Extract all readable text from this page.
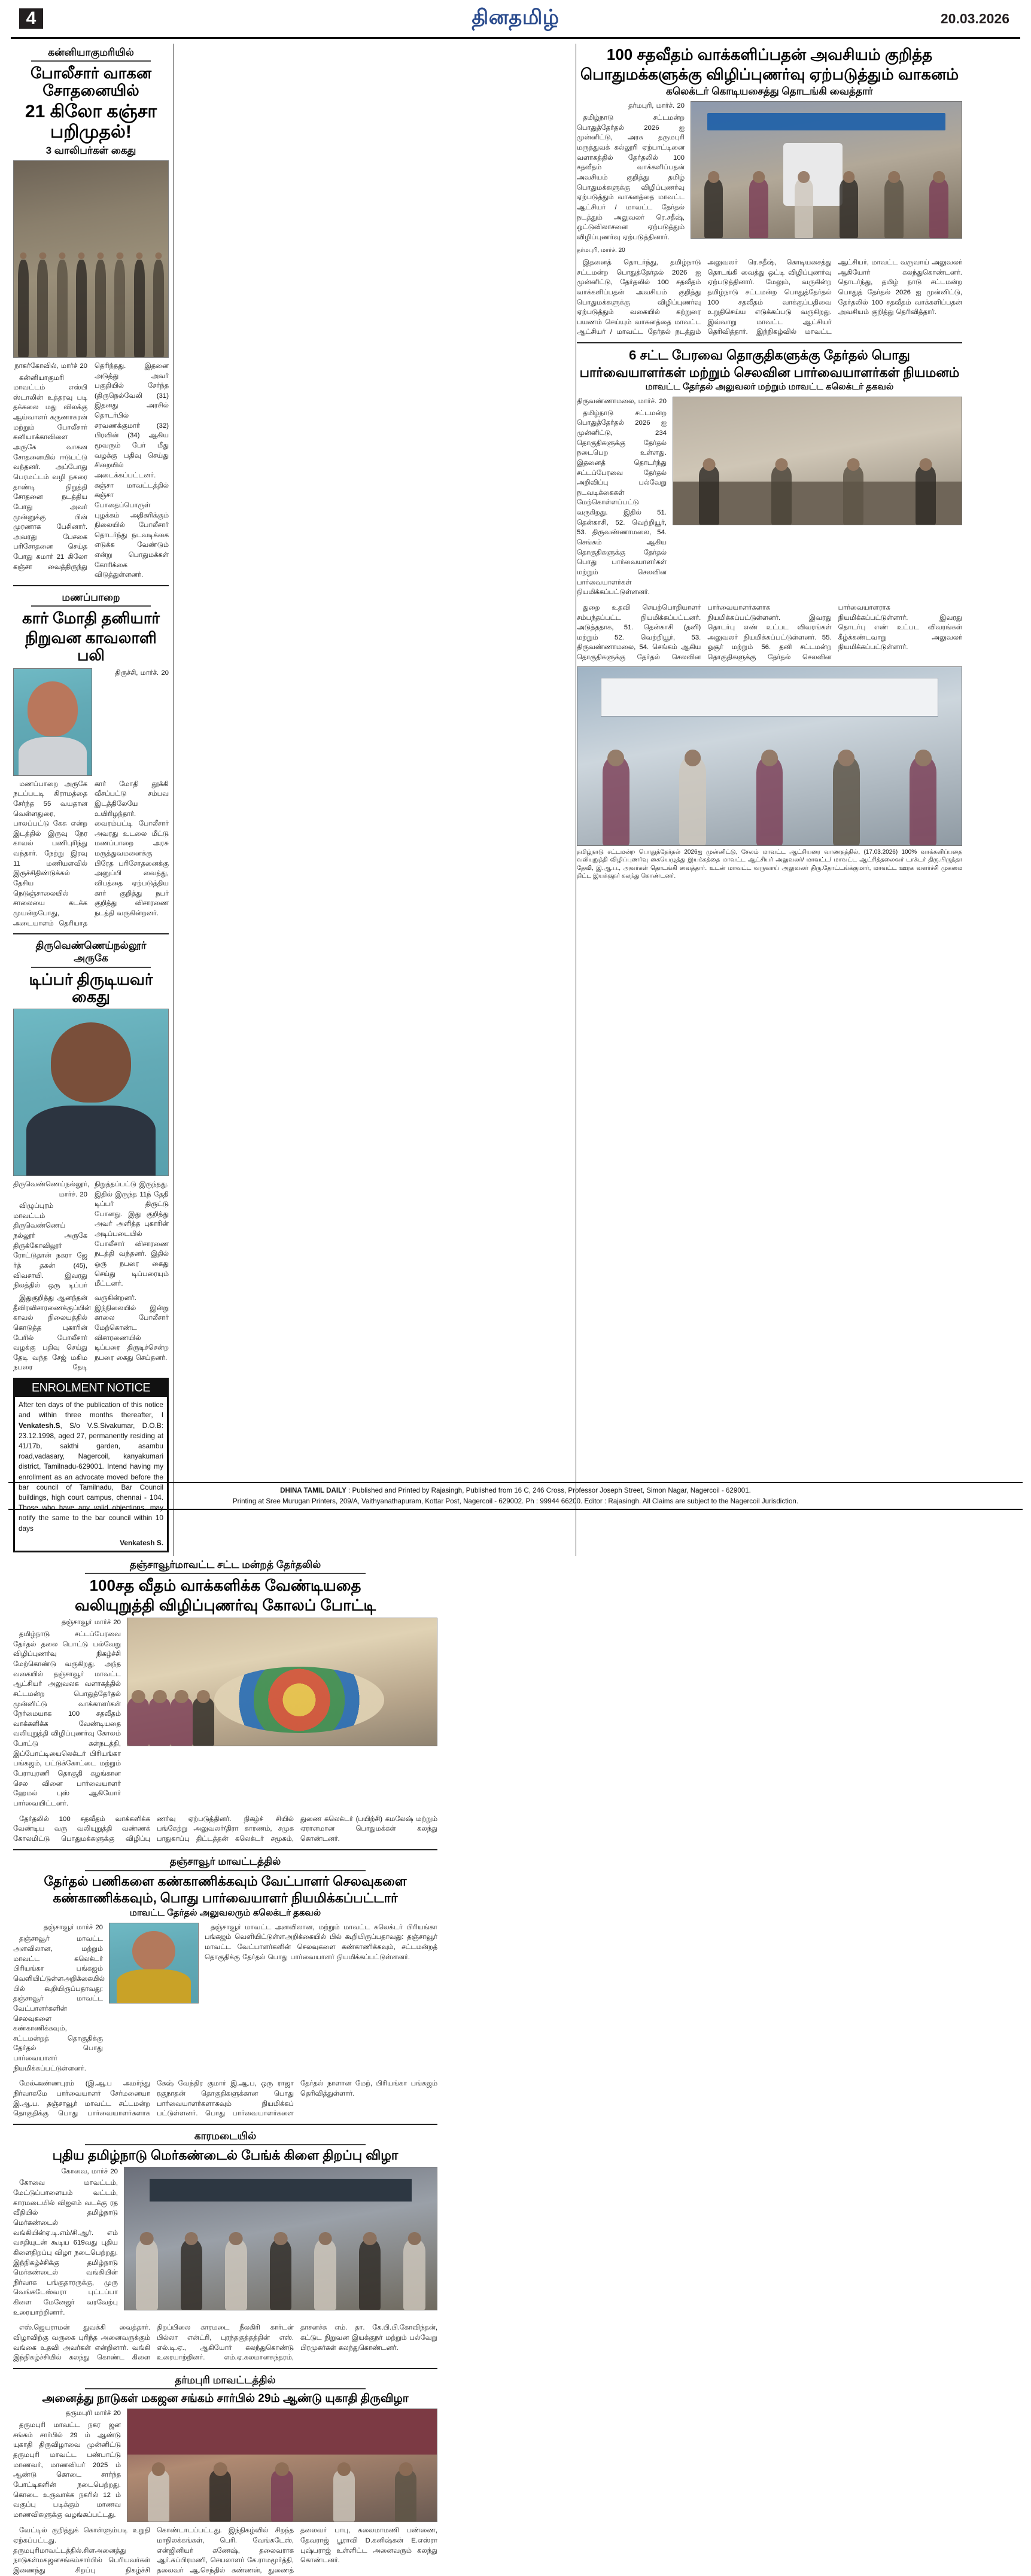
4	தினதமிழ்	20.03.2026
கன்னியாகுமரியில்
போலீசார் வாகன சோதனையில்
21 கிலோ கஞ்சா பறிமுதல்!
3 வாலிபர்கள் கைது

நாகர்கோவில், மார்ச் 20

கன்னியாகுமரி மாவட்டம் எஸ்பி ஸ்டாலின் உத்தரவு படி தக்கலை மது விலக்கு ஆய்வாளர் கருணாகரன் மற்றும் போலீசார் கனியாக்காவிளை அருகே வாகன சோதனையில் ஈடுபட்டு வந்தனர். அப்போது பெரமட்டம் வழி நகரை தாண்டி நிறுத்தி சோதனை நடத்திய போது அவர் முன்னுக்கு பின் முரணாக பேசினார். அவரது பேசகை பரிசோதனை செய்த போது கமார் 21 கிலோ கஞ்சா வைத்திருந்து தெரிந்தது. இதனை அடுத்து அவர் பகுதியில் சேர்ந்த (திருநெல்வேலி (31) இதனது அரசில் தொடர்பில் சரவணக்குமார் (32) பிரவின் (34) ஆகிய மூவரும் பேர் மீது வழக்கு பதிவு செய்து சிறையில் அடைக்கப்பட்டனர். கஞ்சா மாவட்டத்தில் கஞ்சா போதைப்பொருள் புழக்கம் அதிகரிக்கும் நிலையில் போலீசார் தொடர்ந்து நடவடிக்கை எடுக்க வேண்டும் என்று பொதுமக்கள் கோரிக்கை விடுத்துள்ளனர்.

மணப்பாறை
கார் மோதி தனியார்
நிறுவன காவலாளி பலி

திருச்சி, மார்ச். 20

மணப்பாறை அருகே நடப்படடி கிராமத்தை சேர்ந்த 55 வயதான வெள்ளதுரை, பாலப்பட்டு கேசு என்ற இடத்தில் இருவு நேர காவல் பணிபுரிந்து வந்தார். நேற்று இரவு 11 மணியளவில் இருச்சிதிண்டுக்கல் தேசிய நெடுஞ்சாலையில் சாலையை கடக்க முயன்றபோது, அடையாளம் தெரியாத கார் மோதி தூக்கி வீசப்பட்டு சம்பவ இடத்திலேயே உயிரிழந்தார். வைரம்பட்டி போலீசார் அவரது உடலை மீட்டு மணப்பாறை அரசு மருத்துவமனைக்கு பிரேத பரிசோதனைக்கு அனுப்பி வைத்து, விபத்தை ஏற்படுத்திய கார் குறித்து நபர் குறித்து விசாரணை நடத்தி வருகின்றனர்.

திருவெண்ணெய்நல்லூர் அருகே
டிப்பர் திருடியவர் கைது

திருவெண்ணெய்நல்லூர், மார்ச். 20

விழுப்புரம் மாவட்டம் திருவெண்ணெய் நல்லூர் அருகே திருக்கோவிலூர் ரோட்டுதான் நகரா ஜே ர்த் தகன் (45), விவசாயி. இவரது நிலத்தில் ஒரு டிப்பர் நிறுத்தப்பட்டு இருந்தது. இதில் இருந்த 11ந் தேதி டிப்பர் திருட்டு போனது. இது குறித்து அவர் அளித்த புகாரின் அடிப்படையில் போலீசார் விசாரணை நடத்தி வந்தனர். இதில் ஒரு நபரை கைது செய்து டிப்பரையும் மீட்டனர்.

இதுகுறித்து ஆனந்தன் தீவிரவிசாரணைக்குப்பின் காவல் நிலையத்தில் கொடுத்த புகாரின் பேரில் போலீசார் வழக்கு பதிவு செய்து தேடி வந்த சேஜ் மகிம நபரை தேடி வருகின்றனர். இந்நிலையில் இன்று காலை போலீசார் மேற்கொண்ட விசாரணையில் டிப்பரை திருடிச்சென்ற நபரை கைது செய்தனர்.

ENROLMENT NOTICE
After ten days of the publication of this notice and within three months thereafter, I Venkatesh.S, S/o V.S.Sivakumar, D.O.B: 23.12.1998, aged 27, permanently residing at 41/17b, sakthi garden, asambu road,vadasary, Nagercoil, kanyakumari district, Tamilnadu-629001. Intend having my enrollment as an advocate moved before the bar council of Tamilnadu, Bar Council buildings, high court campus, chennai - 104. Those who have any valid objections, may notify the same to the bar council within 10 days
Venkatesh S.
100 சதவீதம் வாக்களிப்பதன் அவசியம் குறித்த
பொதுமக்களுக்கு விழிப்புணர்வு ஏற்படுத்தும் வாகனம்
கலெக்டர் கொடியசைத்து தொடங்கி வைத்தார்

தர்மபுரி, மார்ச். 20

தமிழ்நாடு சட்டமன்ற பொதுத்தேர்தல் 2026 ஐ முன்னிட்டு, அரசு தருமபுரி மருத்துவக் கல்லூரி ஏற்பாட்டினை வளாகத்தில் தேர்தலில் 100 சதவீதம் வாக்களிப்பதன் அவசியம் குறித்து தமிழ் பொதுமக்களுக்கு விழிப்புணர்வு ஏற்படுத்தும் வாகனத்தை மாவட்ட ஆட்சியர் / மாவட்ட தேர்தல் நடத்தும் அலுவலர் ரெ.சதீஷ், ஒட்டுவிலாசனை ஏற்படுத்தும் விழிப்புணர்வு ஏற்படுத்தினார்.

தர்மபுரி, மார்ச். 20

இதனைத் தொடர்ந்து, தமிழ்நாடு சட்டமன்ற பொதுத்தேர்தல் 2026 ஐ முன்னிட்டு, தேர்தலில் 100 சதவீதம் வாக்களிப்பதன் அவசியம் குறித்து பொதுமக்களுக்கு விழிப்புணர்வு ஏற்படுத்தும் வகையில் கற்றுரை பயணம் செய்யும் வாகனத்தை மாவட்ட ஆட்சியர் / மாவட்ட தேர்தல் நடத்தும் அலுவலர் ரெ.சதீஷ், கொடியசைத்து தொடங்கி வைத்து ஒட்டி விழிப்புணர்வு ஏற்படுத்தினார். மேலும், வருகின்ற தமிழ்நாடு சட்டமன்ற பொதுத்தேர்தல் 100 சதவீதம் வாக்குப்பதிவை உறுதிசெய்ய எடுக்கப்படு வருகிறது. இவ்வாறு மாவட்ட ஆட்சியர் தெரிவித்தார். இந்நிகழ்வில் மாவட்ட ஆட்சியர், மாவட்ட வருவாய் அலுவலர் ஆகியோர் கலந்துகொண்டனர். தொடர்ந்து, தமிழ் நாடு சட்டமன்ற பொதுத் தேர்தல் 2026 ஐ முன்னிட்டு, தேர்தலில் 100 சதவீதம் வாக்களிப்பதன் அவசியம் குறித்து தெரிவித்தார்.

6 சட்ட பேரவை தொகுதிகளுக்கு தேர்தல் பொது
பார்வையாளர்கள் மற்றும் செலவின பார்வையாளர்கள் நியமனம்
மாவட்ட தேர்தல் அலுவலர் மற்றும் மாவட்ட கலெக்டர் தகவல்

திருவண்ணாமலை, மார்ச். 20

தமிழ்நாடு சட்டமன்ற பொதுத்தேர்தல் 2026 ஐ முன்னிட்டு, 234 தொகுதிகளுக்கு தேர்தல் நடைபெற உள்ளது. இதனைத் தொடர்ந்து சட்டப்பேரவை தேர்தல் அறிவிப்பு பல்வேறு நடவடிக்கைகள் மேற்கொள்ளப்பட்டு வருகிறது. இதில் 51. தென்காசி, 52. வெற்றியூர், 53. திருவண்ணாமலை, 54. செங்கம் ஆகிய தொகுதிகளுக்கு தேர்தல் பொது பார்வையாளர்கள் மற்றும் செலவின பார்வையாளர்கள் நியமிக்கப்பட்டுள்ளனர்.

துறை உதவி செயற்பொறியாளர் சம்பந்தப்பட்ட நியமிக்கப்பட்டனர். அடுத்ததாக, 51. தென்காசி (தனி) மற்றும் 52. வெற்றியூர், 53. திருவண்ணாமலை, 54. செங்கம் ஆகிய தொகுதிகளுக்கு தேர்தல் செலவின பார்வையாளர்களாக நியமிக்கப்பட்டுள்ளனர். இவரது தொடர்பு எண் உட்பட விவரங்கள் அலுவலர் நியமிக்கப்பட்டுள்ளனர். 55. ஓசூர் மற்றும் 56. தனி சட்டமன்ற தொகுதிகளுக்கு தேர்தல் செலவின பார்வையாளராக நியமிக்கப்பட்டுள்ளார். இவரது தொடர்பு எண் உட்பட விவரங்கள் கீழ்க்கண்டவாறு அலுவலர் நியமிக்கப்பட்டுள்ளார்.

தமிழ்நாடு சட்டமன்ற பொதுத்தேர்தல் 2026ஐ முன்னிட்டு, சேலம் மாவட்ட ஆட்சியரை வாணதத்தில், (17.03.2026) 100% வாக்களிப்பதை வலியுறுத்தி விழிப்புணர்வு கையெழுத்து இயக்கத்தை மாவட்ட ஆட்சியர் அலுவலர்/ மாவட்ட/ மாவட்ட ஆட்சித்தலைவர் டாக்டர் திரு.பிருந்தா தேவி, இ.ஆ.ப., அவர்கள் தொடங்கி வைத்தார். உடன் மாவட்ட வருவாய் அலுவலர் திரு.தோட்டங்க்குமார், மாவட்ட ஊரக வளர்ச்சி முகமை திட்ட இயக்குநர் கலந்து கொண்டனர்.
தஞ்சாவூர்மாவட்ட சட்ட மன்றத் தேர்தலில்
100சத வீதம் வாக்களிக்க வேண்டியதை
வலியுறுத்தி விழிப்புணர்வு கோலப் போட்டி

தஞ்சாவூர் மார்ச் 20

தமிழ்நாடு சட்டப்பேரவை தேர்தல் தலை பொட்டு பல்வேறு விழிப்புணர்வு நிகழ்ச்சி மேற்கொண்டு வருகிறது. அந்த வகையில் தஞ்சாவூர் மாவட்ட ஆட்சியர் அலுவலக வளாகத்தில் சட்டமன்ற பொதுத்தேர்தல் முன்னிட்டு வாக்காளர்கள் நேர்மையாக 100 சதவீதம் வாக்களிக்க வேண்டியதை வலியுறுத்தி விழிப்புணர்வு கோலம் போட்டு கள்நடத்தி, இப்போட்டியைலெக்டர் பிரியங்கா பங்கஜம், பட்டுக்கோட்டை மற்றும் பேராயுரணி தொகுதி கழங்கான செல வினை பார்வையாளர் ஹேமல் புஸ் ஆகியோர் பார்வையிட்டனர்.

தேர்தலில் 100 சதவீதம் வாக்களிக்க வேண்டிய வரு வலியுறுத்தி வண்ணக் கோலமிட்டு பொதுமக்களுக்கு விழிப்பு ணர்வு ஏற்படுத்தினர். நிகழ்ச் சியில் பங்கேற்று அலுவலர்/திரா காரணம், சமுக பாதுகாப்பு திட்டத்தன் கலெக்டர் சமூகம், துணை கலெக்டர் (பயிற்சி) கமலேஷ் மற்றும் ஏராளமான பொதுமக்கள் கலந்து கொண்டனர்.

தஞ்சாவூர் மாவட்டத்தில்
தேர்தல் பணிகளை கண்காணிக்கவும் வேட்பாளர் செலவுகளை
கண்காணிக்கவும், பொது பார்வையாளர் நியமிக்கப்பட்டார்
மாவட்ட தேர்தல் அலுவலரும் கலெக்டர் தகவல்

தஞ்சாவூர் மார்ச் 20

தஞ்சாவூர் மாவட்ட அளவிலான, மற்றும் மாவட்ட கலெக்டர் பிரியங்கா பங்கஜம் வெளியிட்டுள்ளஅறிக்கையில் பில் கூறியிருப்பதாவது: தஞ்சாவூர் மாவட்ட வேட்பாளர்களின் செலவுகளை கண்காணிக்கவும், சட்டமன்றத் தொகுதிக்கு தேர்தல் பொது பார்வையாளர் நியமிக்கப்பட்டுள்ளனர்.

தஞ்சாவூர் மாவட்ட அளவிலான, மற்றும் மாவட்ட கலெக்டர் பிரியங்கா பங்கஜம் வெளியிட்டுள்ளஅறிக்கையில் பில் கூறியிருப்பதாவது: தஞ்சாவூர் மாவட்ட வேட்பாளர்களின் செலவுகளை கண்காணிக்கவும், சட்டமன்றத் தொகுதிக்கு தேர்தல் பொது பார்வையாளர் நியமிக்கப்பட்டுள்ளனர்.

மேல்அண்ணபுரம் (இ.ஆ.ப அமர்ந்து நிர்வாகமே பார்வையாளர் சேர்மனையா இ.ஆ.ப. தஞ்சாவூர் மாவட்ட சட்டமன்ற தொகுதிக்கு பொது பார்வையாளர்களாக கேஷ் வேந்திர குமார் இ.ஆ.ப, ஒரு ராஜா ரகுநாதன் தொகுதிகளுக்கான பொது பார்வையாளர்களாகவும் நியமிக்கப் பட்டுள்ளனர். பொது பார்வையாளர்களை தேர்தல் நாளான மேற், பிரியங்கா பங்கஜம் தெரிவித்துள்ளார்.

காரமடையில்
புதிய தமிழ்நாடு மெர்கண்டைல் பேங்க் கிளை திறப்பு விழா

கோவை, மார்ச் 20

கோவை மாவட்டம், மேட்டுப்பாளையம் வட்டம், காரமடையில் விஐஎம் வடக்கு ரத வீதியில் தமிழ்நாடு மெர்கண்டைல் வங்கியின்ஏ.டி.எம்/சி.ஆர். எம் வசதியுடன் கூடிய 619வது புதிய கிளைதிறப்பு விழா நடைபெற்றது. இந்நிகழ்ச்சிக்கு தமிழ்நாடு மெர்கண்டைல் வங்கியின் நிர்வாக பங்குதாரருக்கு, முரு வெங்கடேஸ்வரா புட்டப்பா கிளை மேனேஜர் வரவேற்பு உரையாற்றினார்.

எஸ்.ஜெயராமன் துவக்கி வைத்தார். விழாவிற்கு வருகை புரிந்த அனைவருக்கும் வங்கை உதவி அவர்கள் என்றினார். வங்கி இந்நிகழ்ச்சியில் கலந்து கொண்ட கிளை திறப்பிலை காரமடை நீலகிரி கார்டன் பில்லா என்ட்ரி, புரந்தகுத்தத்தின் எஸ். எல்.டி.ஏ., ஆகியோர் கலந்துகொண்டு உரையாற்றினர். எம்.ஏ.கலமானசுந்தரம், தாசனச்சு எம். தா. கே.பி.பி.கோவிந்தன், கட்டுட நிறுவன இயக்குநர் மற்றும் பல்வேறு பிரமுகர்கள் கலந்துகொண்டனர்.

தர்மபுரி மாவட்டத்தில்
அனைத்து நாடுகள் மகஜன சங்கம் சார்பில் 29ம் ஆண்டு யுகாதி திருவிழா

தருமபுரி மார்ச் 20

தருமபுரி மாவட்ட நகர ஜன சங்கம் சார்பில் 29 ம் ஆண்டு யுகாதி திருவிழாவை முன்னிட்டு தருமபுரி மாவட்ட பண்பாட்டு மாணவர், மாணவியர் 2025 ம் ஆண்டு கொடை சார்ந்த போட்டிகளின் நடைபெற்றது. கொடை உருவாக்க நகரில் 12 ம் வகுப்பு படிக்கும் மாணவ மாணவிகளுக்கு வழங்கப்பட்டது.

வேட்டில் குறித்துக் கொள்ளும்படி உறுதி ஏற்கப்பட்டது. தருமபுரிமாவட்டத்தில்.சிளஅனைத்து நாடுகள்மகஜனசங்கம்சார்பில் பெரியவர்கள் இணைந்து சிறப்பு நிகழ்ச்சி கொண்டாடப்பட்டது. இந்நிகழ்வில் சிறந்த மாநிலக்கங்கள், பெரி. வேங்கடேஸ், என்ஜினியர் கணேஷ், தலைவராக ஆர்.சுப்பிரமணி, செயலாளர் கே.ராமமூர்த்தி, தலைவர் ஆ.செந்தில் கண்ணன், துணைத் தலைவர் பாபு, கலைமாமணி பண்ணை, தேவராஜ் பூராவி D.கனிஷ்கன் E.எஸ்ரா புஷ்பராஜ் உள்ளிட்ட அனைவரும் கலந்து கொண்டனர்.

DHINA TAMIL DAILY : Published and Printed by Rajasingh, Published from 16 C, 246 Cross, Professor Joseph Street, Simon Nagar, Nagercoil - 629001.
Printing at Sree Murugan Printers, 209/A, Vaithyanathapuram, Kottar Post, Nagercoil - 629002. Ph : 99944 66200. Editor : Rajasingh. All Claims are subject to the Nagercoil Jurisdiction.
